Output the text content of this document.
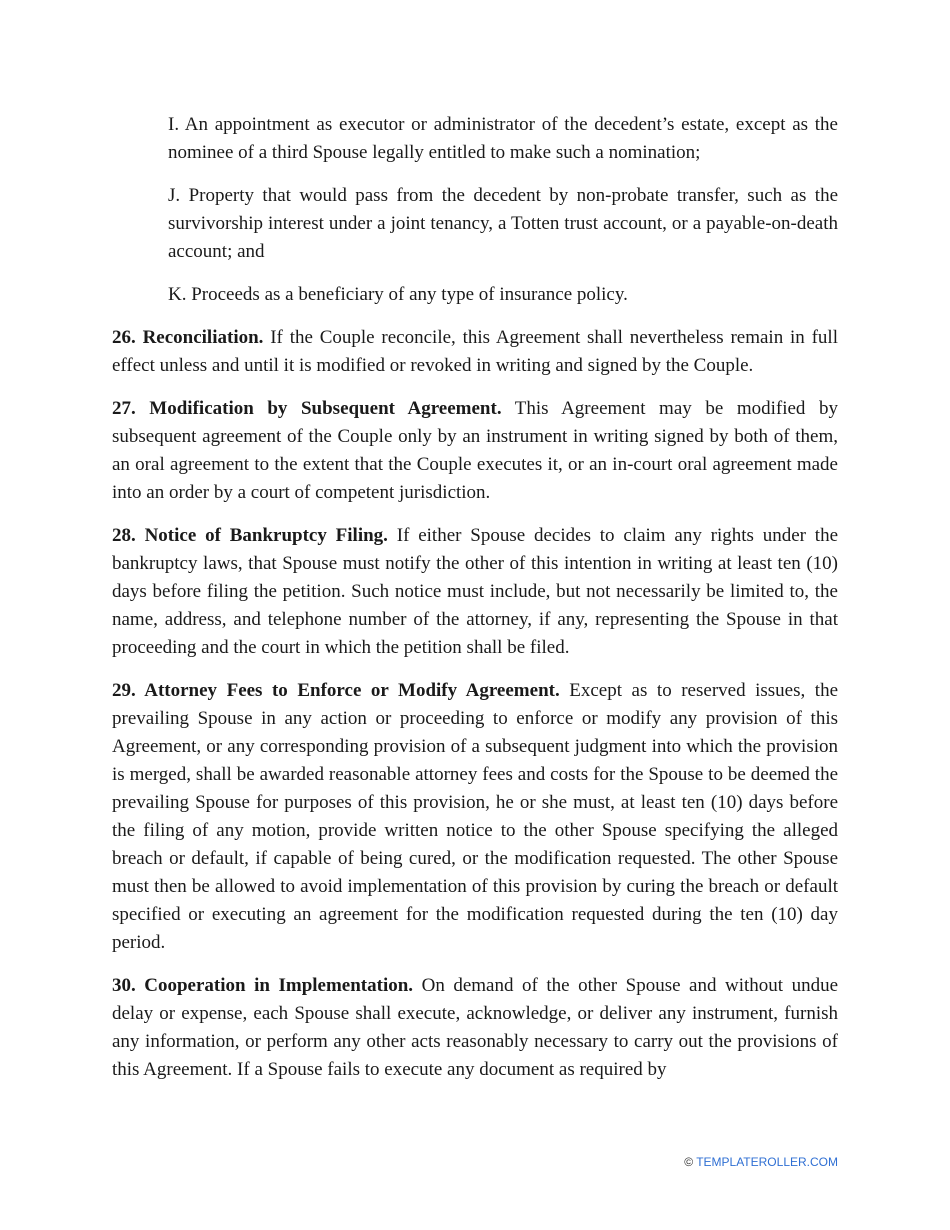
I. An appointment as executor or administrator of the decedent’s estate, except as the nominee of a third Spouse legally entitled to make such a nomination;

J. Property that would pass from the decedent by non-probate transfer, such as the survivorship interest under a joint tenancy, a Totten trust account, or a payable-on-death account; and

K. Proceeds as a beneficiary of any type of insurance policy.

26. Reconciliation. If the Couple reconcile, this Agreement shall nevertheless remain in full effect unless and until it is modified or revoked in writing and signed by the Couple.

27. Modification by Subsequent Agreement. This Agreement may be modified by subsequent agreement of the Couple only by an instrument in writing signed by both of them, an oral agreement to the extent that the Couple executes it, or an in-court oral agreement made into an order by a court of competent jurisdiction.

28. Notice of Bankruptcy Filing. If either Spouse decides to claim any rights under the bankruptcy laws, that Spouse must notify the other of this intention in writing at least ten (10) days before filing the petition. Such notice must include, but not necessarily be limited to, the name, address, and telephone number of the attorney, if any, representing the Spouse in that proceeding and the court in which the petition shall be filed.

29. Attorney Fees to Enforce or Modify Agreement. Except as to reserved issues, the prevailing Spouse in any action or proceeding to enforce or modify any provision of this Agreement, or any corresponding provision of a subsequent judgment into which the provision is merged, shall be awarded reasonable attorney fees and costs for the Spouse to be deemed the prevailing Spouse for purposes of this provision, he or she must, at least ten (10) days before the filing of any motion, provide written notice to the other Spouse specifying the alleged breach or default, if capable of being cured, or the modification requested. The other Spouse must then be allowed to avoid implementation of this provision by curing the breach or default specified or executing an agreement for the modification requested during the ten (10) day period.

30. Cooperation in Implementation. On demand of the other Spouse and without undue delay or expense, each Spouse shall execute, acknowledge, or deliver any instrument, furnish any information, or perform any other acts reasonably necessary to carry out the provisions of this Agreement. If a Spouse fails to execute any document as required by

© TEMPLATEROLLER.COM
